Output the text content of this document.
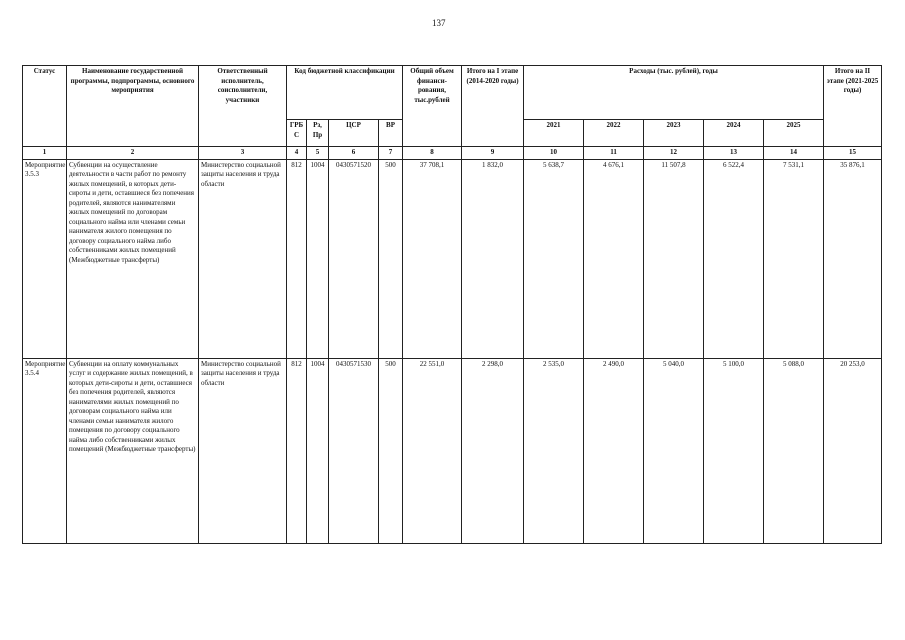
137
Статус	Наименование государственной программы, подпрограммы, основного мероприятия	Ответственный исполнитель, соисполнители, участники	Код бюджетной классификации				Общий объем финанси-рования, тыс.рублей	Итого на I этапе (2014-2020 годы)	Расходы (тыс. рублей), годы					Итого на II этапе (2021-2025 годы)
			ГРБ С	Рз, Пр	ЦСР	ВР			2021	2022	2023	2024	2025	
1	2	3	4	5	6	7	8	9	10	11	12	13	14	15
Мероприятие 3.5.3	Субвенции на осуществление деятельности в части работ по ремонту жилых помещений, в которых дети-сироты и дети, оставшиеся без попечения родителей, являются нанимателями жилых помещений по договорам социального найма или членами семьи нанимателя жилого помещения по договору социального найма либо собственниками жилых помещений (Межбюджетные трансферты)	Министерство социальной защиты населения и труда области	812	1004	0430571520	500	37 708,1	1 832,0	5 638,7	4 676,1	11 507,8	6 522,4	7 531,1	35 876,1
Мероприятие 3.5.4	Субвенции на оплату коммунальных услуг и содержание жилых помещений, в которых дети-сироты и дети, оставшиеся без попечения родителей, являются нанимателями жилых помещений по договорам социального найма или членами семьи нанимателя жилого помещения по договору социального найма либо собственниками жилых помещений (Межбюджетные трансферты)	Министерство социальной защиты населения и труда области	812	1004	0430571530	500	22 551,0	2 298,0	2 535,0	2 490,0	5 040,0	5 100,0	5 088,0	20 253,0
